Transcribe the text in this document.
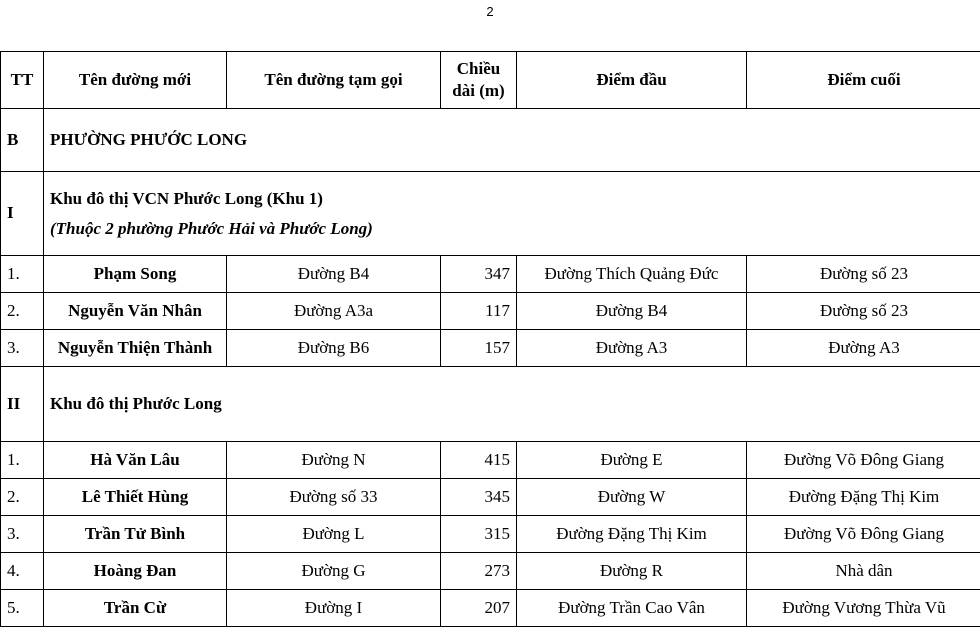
2
TT	Tên đường mới	Tên đường tạm gọi	Chiều
dài (m)	Điểm đầu	Điểm cuối
B	PHƯỜNG PHƯỚC LONG				
I	Khu đô thị VCN Phước Long (Khu 1)
(Thuộc 2 phường Phước Hải và Phước Long)				
1.	Phạm Song	Đường B4	347	Đường Thích Quảng Đức	Đường số 23
2.	Nguyễn Văn Nhân	Đường A3a	117	Đường B4	Đường số 23
3.	Nguyễn Thiện Thành	Đường B6	157	Đường A3	Đường A3
II	Khu đô thị Phước Long				
1.	Hà Văn Lâu	Đường N	415	Đường E	Đường Võ Đông Giang
2.	Lê Thiết Hùng	Đường số 33	345	Đường W	Đường Đặng Thị Kim
3.	Trần Tử Bình	Đường L	315	Đường Đặng Thị Kim	Đường Võ Đông Giang
4.	Hoàng Đan	Đường G	273	Đường R	Nhà dân
5.	Trần Cừ	Đường I	207	Đường Trần Cao Vân	Đường Vương Thừa Vũ
